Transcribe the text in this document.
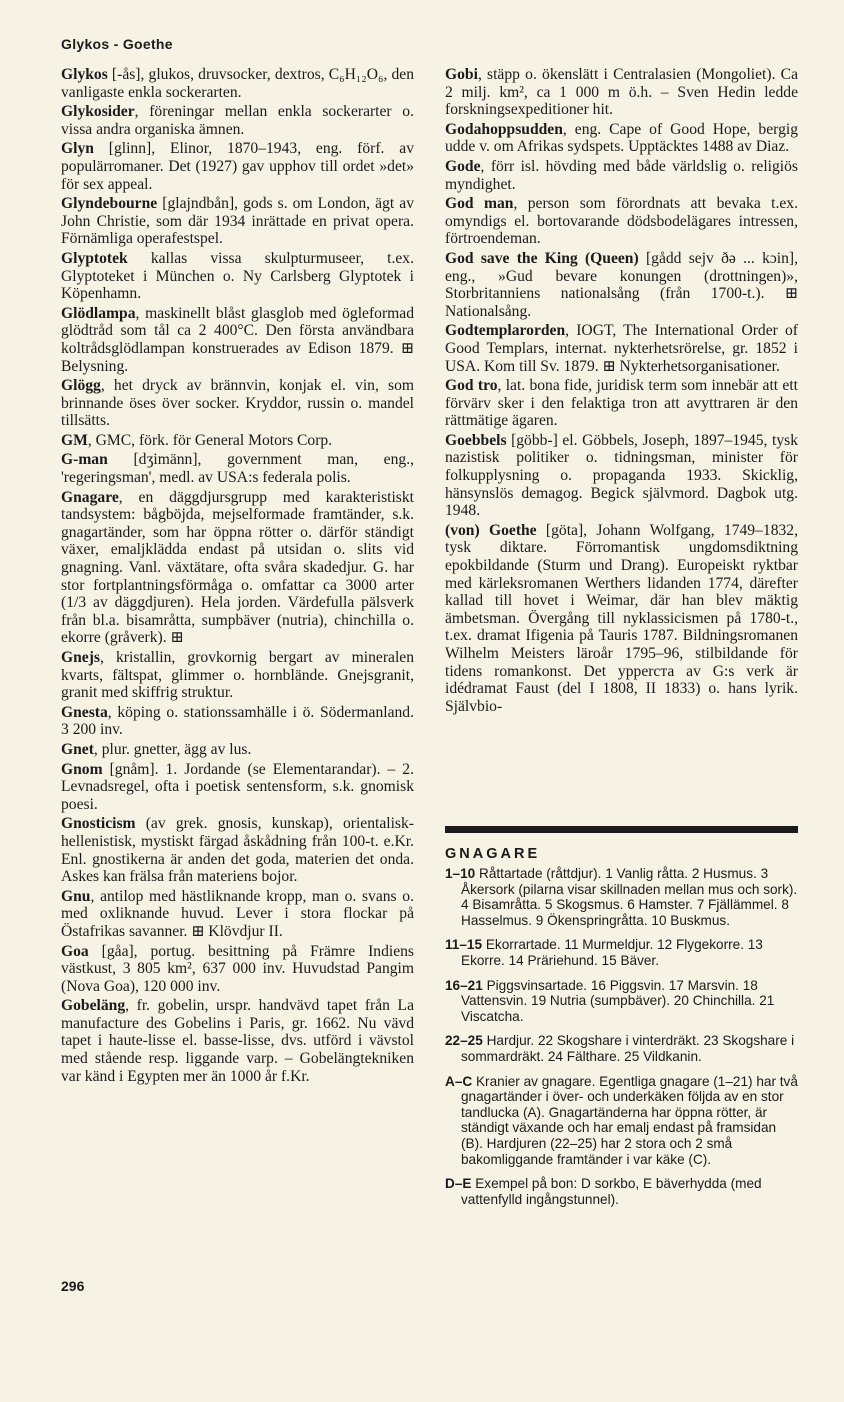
Glykos - Goethe

Glykos [-ås], glukos, druvsocker, dextros, C₆H₁₂O₆, den vanligaste enkla sockerarten.

Glykosider, föreningar mellan enkla sockerarter o. vissa andra organiska ämnen.

Glyn [glinn], Elinor, 1870–1943, eng. förf. av populärromaner. Det (1927) gav upphov till ordet »det» för sex appeal.

Glyndebourne [glajndbån], gods s. om London, ägt av John Christie, som där 1934 inrättade en privat opera. Förnämliga operafestspel.

Glyptotek kallas vissa skulpturmuseer, t.ex. Glyptoteket i München o. Ny Carlsberg Glyptotek i Köpenhamn.

Glödlampa, maskinellt blåst glasglob med ögleformad glödtråd som tål ca 2 400°C. Den första användbara koltrådsglödlampan konstruerades av Edison 1879. ⊞ Belysning.

Glögg, het dryck av brännvin, konjak el. vin, som brinnande öses över socker. Kryddor, russin o. mandel tillsätts.

GM, GMC, förk. för General Motors Corp.

G-man [dʒimänn], government man, eng., 'regeringsman', medl. av USA:s federala polis.

Gnagare, en däggdjursgrupp med karakteristiskt tandsystem: bågböjda, mejselformade framtänder, s.k. gnagartänder, som har öppna rötter o. därför ständigt växer, emaljklädda endast på utsidan o. slits vid gnagning. Vanl. växtätare, ofta svåra skadedjur. G. har stor fortplantningsförmåga o. omfattar ca 3000 arter (1/3 av däggdjuren). Hela jorden. Värdefulla pälsverk från bl.a. bisamråtta, sumpbäver (nutria), chinchilla o. ekorre (gråverk). ⊞

Gnejs, kristallin, grovkornig bergart av mineralen kvarts, fältspat, glimmer o. hornblände. Gnejsgranit, granit med skiffrig struktur.

Gnesta, köping o. stationssamhälle i ö. Södermanland. 3 200 inv.

Gnet, plur. gnetter, ägg av lus.

Gnom [gnåm]. 1. Jordande (se Elementarandar). – 2. Levnadsregel, ofta i poetisk sentensform, s.k. gnomisk poesi.

Gnosticism (av grek. gnosis, kunskap), orientalisk-hellenistisk, mystiskt färgad åskådning från 100-t. e.Kr. Enl. gnostikerna är anden det goda, materien det onda. Askes kan frälsa från materiens bojor.

Gnu, antilop med hästliknande kropp, man o. svans o. med oxliknande huvud. Lever i stora flockar på Östafrikas savanner. ⊞ Klövdjur II.

Goa [gåa], portug. besittning på Främre Indiens västkust, 3 805 km², 637 000 inv. Huvudstad Pangim (Nova Goa), 120 000 inv.

Gobeläng, fr. gobelin, urspr. handvävd tapet från La manufacture des Gobelins i Paris, gr. 1662. Nu vävd tapet i haute-lisse el. basse-lisse, dvs. utförd i vävstol med stående resp. liggande varp. – Gobelängtekniken var känd i Egypten mer än 1000 år f.Kr.

Gobi, stäpp o. ökenslätt i Centralasien (Mongoliet). Ca 2 milj. km², ca 1 000 m ö.h. – Sven Hedin ledde forskningsexpeditioner hit.

Godahoppsudden, eng. Cape of Good Hope, bergig udde v. om Afrikas sydspets. Upptäcktes 1488 av Diaz.

Gode, förr isl. hövding med både världslig o. religiös myndighet.

God man, person som förordnats att bevaka t.ex. omyndigs el. bortovarande dödsbodelägares intressen, förtroendeman.

God save the King (Queen) [gådd sejv ðə ... kɔin], eng., »Gud bevare konungen (drottningen)», Storbritanniens nationalsång (från 1700-t.). ⊞ Nationalsång.

Godtemplarorden, IOGT, The International Order of Good Templars, internat. nykterhetsrörelse, gr. 1852 i USA. Kom till Sv. 1879. ⊞ Nykterhetsorganisationer.

God tro, lat. bona fide, juridisk term som innebär att ett förvärv sker i den felaktiga tron att avyttraren är den rättmätige ägaren.

Goebbels [göbb-] el. Göbbels, Joseph, 1897–1945, tysk nazistisk politiker o. tidningsman, minister för folkupplysning o. propaganda 1933. Skicklig, hänsynslös demagog. Begick självmord. Dagbok utg. 1948.

(von) Goethe [göta], Johann Wolfgang, 1749–1832, tysk diktare. Förromantisk ungdomsdiktning epokbildande (Sturm und Drang). Europeiskt ryktbar med kärleksromanen Werthers lidanden 1774, därefter kallad till hovet i Weimar, där han blev mäktig ämbetsman. Övergång till nyklassicismen på 1780-t., t.ex. dramat Ifigenia på Tauris 1787. Bildningsromanen Wilhelm Meisters läroår 1795–96, stilbildande för tidens romankonst. Det ypperста av G:s verk är idédramat Faust (del I 1808, II 1833) o. hans lyrik. Självbio-

GNAGARE

1–10 Råttartade (råttdjur). 1 Vanlig råtta. 2 Husmus. 3 Åkersork (pilarna visar skillnaden mellan mus och sork). 4 Bisamråtta. 5 Skogsmus. 6 Hamster. 7 Fjällämmel. 8 Hasselmus. 9 Ökenspringråtta. 10 Buskmus.

11–15 Ekorrartade. 11 Murmeldjur. 12 Flygekorre. 13 Ekorre. 14 Präriehund. 15 Bäver.

16–21 Piggsvinsartade. 16 Piggsvin. 17 Marsvin. 18 Vattensvin. 19 Nutria (sumpbäver). 20 Chinchilla. 21 Viscatcha.

22–25 Hardjur. 22 Skogshare i vinterdräkt. 23 Skogshare i sommardräkt. 24 Fälthare. 25 Vildkanin.

A–C Kranier av gnagare. Egentliga gnagare (1–21) har två gnagartänder i över- och underkäken följda av en stor tandlucka (A). Gnagartänderna har öppna rötter, är ständigt växande och har emalj endast på framsidan (B). Hardjuren (22–25) har 2 stora och 2 små bakomliggande framtänder i var käke (C).

D–E Exempel på bon: D sorkbo, E bäverhydda (med vattenfylld ingångstunnel).

296
